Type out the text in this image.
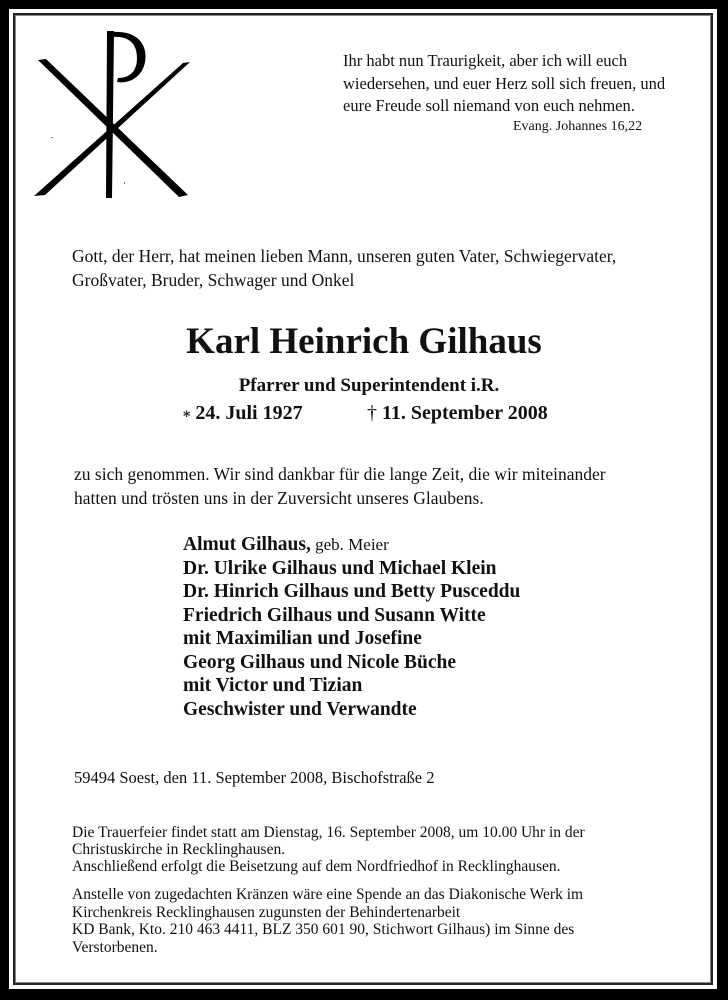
Ihr habt nun Traurigkeit, aber ich will euch
wiedersehen, und euer Herz soll sich freuen, und
eure Freude soll niemand von euch nehmen.
Evang. Johannes 16,22
Gott, der Herr, hat meinen lieben Mann, unseren guten Vater, Schwiegervater,
Großvater, Bruder, Schwager und Onkel
Karl Heinrich Gilhaus
Pfarrer und Superintendent i.R.
⁎ 24. Juli 1927	† 11. September 2008
zu sich genommen. Wir sind dankbar für die lange Zeit, die wir miteinander
hatten und trösten uns in der Zuversicht unseres Glaubens.
Almut Gilhaus, geb. Meier
Dr. Ulrike Gilhaus und Michael Klein
Dr. Hinrich Gilhaus und Betty Pusceddu
Friedrich Gilhaus und Susann Witte
mit Maximilian und Josefine
Georg Gilhaus und Nicole Büche
mit Victor und Tizian
Geschwister und Verwandte
59494 Soest, den 11. September 2008, Bischofstraße 2
Die Trauerfeier findet statt am Dienstag, 16. September 2008, um 10.00 Uhr in der
Christuskirche in Recklinghausen.
Anschließend erfolgt die Beisetzung auf dem Nordfriedhof in Recklinghausen.
Anstelle von zugedachten Kränzen wäre eine Spende an das Diakonische Werk im
Kirchenkreis Recklinghausen zugunsten der Behindertenarbeit
KD Bank, Kto. 210 463 4411, BLZ 350 601 90, Stichwort Gilhaus) im Sinne des
Verstorbenen.
